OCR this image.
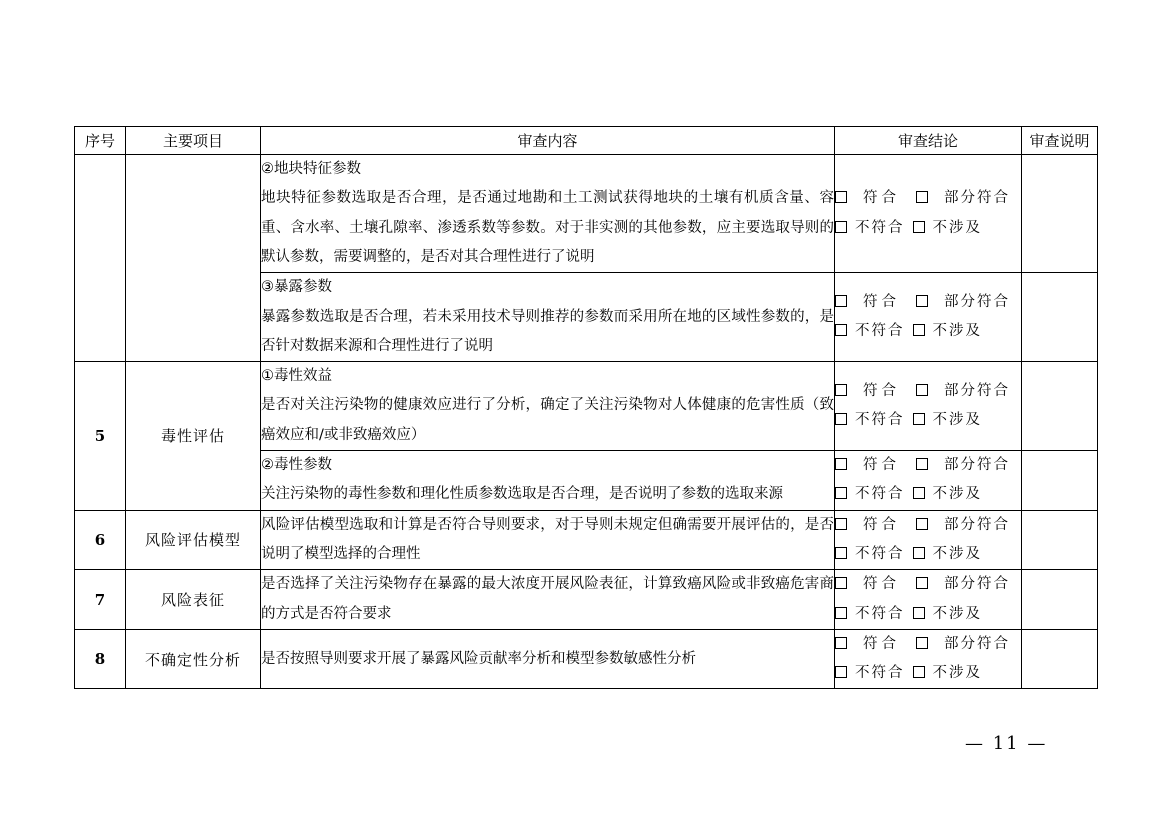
序号	主要项目	审查内容	审查结论	审查说明

		②地块特征参数
地块特征参数选取是否合理，是否通过地勘和土工测试获得地块的土壤有机质含量、容重、含水率、土壤孔隙率、渗透系数等参数。对于非实测的其他参数，应主要选取导则的默认参数，需要调整的，是否对其合理性进行了说明	符合 部分符合
不符合 不涉及	

		③暴露参数
暴露参数选取是否合理，若未采用技术导则推荐的参数而采用所在地的区域性参数的，是否针对数据来源和合理性进行了说明	符合 部分符合
不符合 不涉及	

5	毒性评估	①毒性效益
是否对关注污染物的健康效应进行了分析，确定了关注污染物对人体健康的危害性质（致癌效应和/或非致癌效应）	符合 部分符合
不符合 不涉及	

		②毒性参数
关注污染物的毒性参数和理化性质参数选取是否合理，是否说明了参数的选取来源	符合 部分符合
不符合 不涉及	

6	风险评估模型	风险评估模型选取和计算是否符合导则要求，对于导则未规定但确需要开展评估的，是否说明了模型选择的合理性	符合 部分符合
不符合 不涉及	

7	风险表征	是否选择了关注污染物存在暴露的最大浓度开展风险表征，计算致癌风险或非致癌危害商的方式是否符合要求	符合 部分符合
不符合 不涉及	

8	不确定性分析	是否按照导则要求开展了暴露风险贡献率分析和模型参数敏感性分析	符合 部分符合
不符合 不涉及	

— 11 —
